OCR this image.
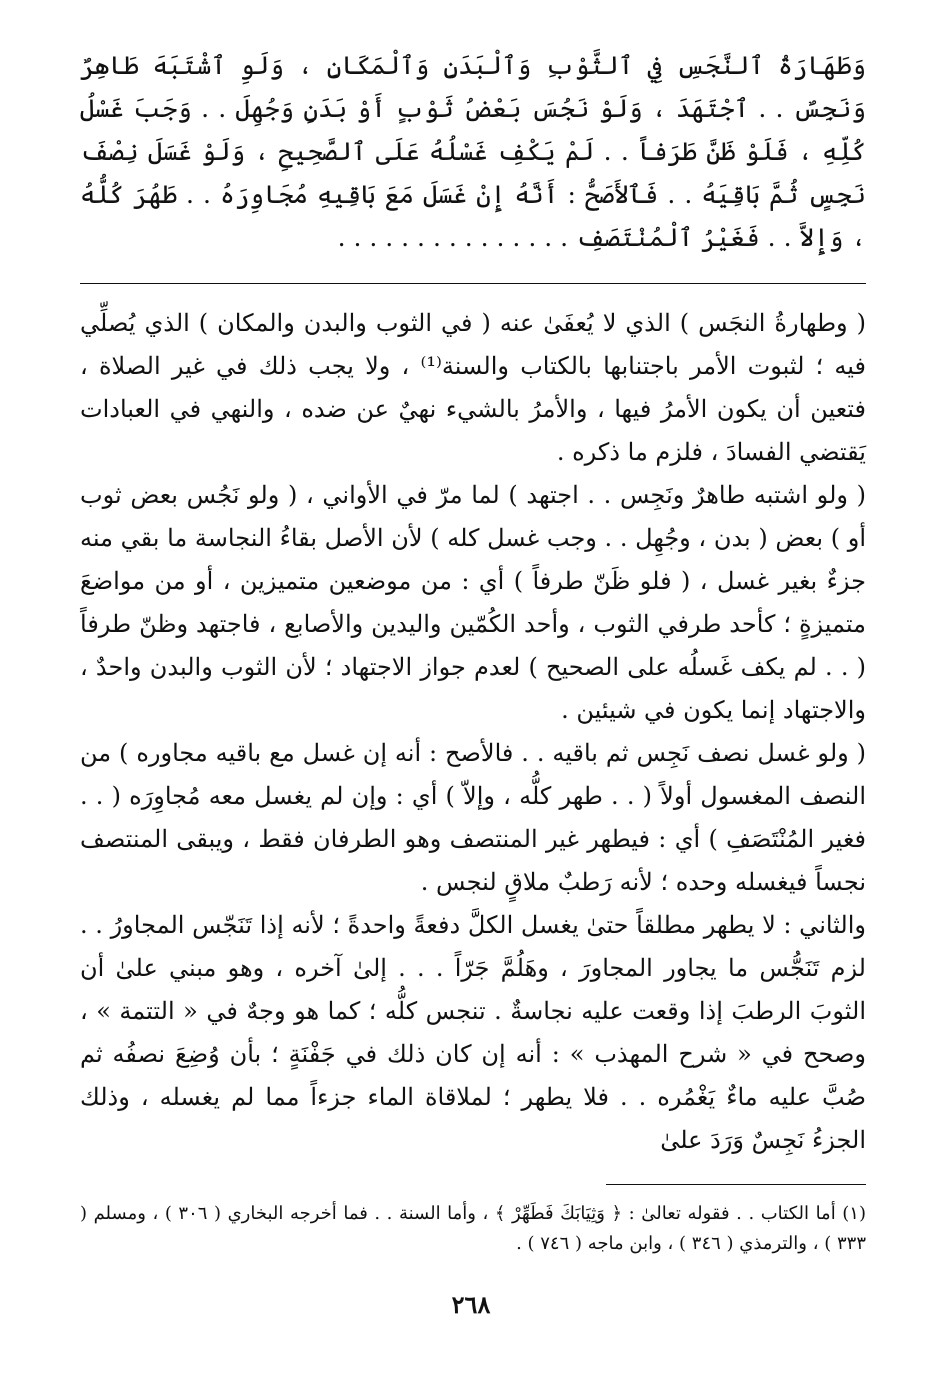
وَطَهَارَةُ ٱلنَّجَسِ فِي ٱلثَّوْبِ وَٱلْبَدَنِ وَٱلْمَكَانِ ، وَلَوِ ٱشْتَبَهَ طَاهِرٌ وَنَجِسٌ . . ٱجْتَهَدَ ، وَلَوْ نَجُسَ بَعْضُ ثَوْبٍ أَوْ بَدَنٍ وَجُهِلَ . . وَجَبَ غَسْلُ كُلِّهِ ، فَلَوْ ظَنَّ طَرَفاً . . لَمْ يَكْفِ غَسْلُهُ عَلَى ٱلصَّحِيحِ ، وَلَوْ غَسَلَ نِصْفَ نَجِسٍ ثُمَّ بَاقِيَهُ . . فَٱلأَصَحُّ : أَنَّهُ إِنْ غَسَلَ مَعَ بَاقِيهِ مُجَاوِرَهُ . . طَهُرَ كُلُّهُ ، وَإِلاَّ . . فَغَيْرُ ٱلْمُنْتَصَفِ . . . . . . . . . . . . . . .

( وطهارةُ النجَس ) الذي لا يُعفَىٰ عنه ( في الثوب والبدن والمكان ) الذي يُصلِّي فيه ؛ لثبوت الأمر باجتنابها بالكتاب والسنة⁽¹⁾ ، ولا يجب ذلك في غير الصلاة ، فتعين أن يكون الأمرُ فيها ، والأمرُ بالشيء نهيٌ عن ضده ، والنهي في العبادات يَقتضي الفسادَ ، فلزم ما ذكره .

( ولو اشتبه طاهرٌ ونَجِس . . اجتهد ) لما مرّ في الأواني ، ( ولو نَجُس بعض ثوب أو ) بعض ( بدن ، وجُهِل . . وجب غسل كله ) لأن الأصل بقاءُ النجاسة ما بقي منه جزءٌ بغير غسل ، ( فلو ظَنّ طرفاً ) أي : من موضعين متميزين ، أو من مواضعَ متميزةٍ ؛ كأحد طرفي الثوب ، وأحد الكُمّين واليدين والأصابع ، فاجتهد وظنّ طرفاً ( . . لم يكف غَسلُه على الصحيح ) لعدم جواز الاجتهاد ؛ لأن الثوب والبدن واحدٌ ، والاجتهاد إنما يكون في شيئين .

( ولو غسل نصف نَجِس ثم باقيه . . فالأصح : أنه إن غسل مع باقيه مجاوره ) من النصف المغسول أولاً ( . . طهر كلُّه ، وإلاّ ) أي : وإن لم يغسل معه مُجاوِرَه ( . . فغير المُنْتَصَفِ ) أي : فيطهر غير المنتصف وهو الطرفان فقط ، ويبقى المنتصف نجساً فيغسله وحده ؛ لأنه رَطبٌ ملاقٍ لنجس .

والثاني : لا يطهر مطلقاً حتىٰ يغسل الكلَّ دفعةً واحدةً ؛ لأنه إذا تَنَجّس المجاورُ . . لزم تَنَجُّس ما يجاور المجاورَ ، وهَلُمَّ جَرّاً . . . إلىٰ آخره ، وهو مبني علىٰ أن الثوبَ الرطبَ إذا وقعت عليه نجاسةٌ . تنجس كلُّه ؛ كما هو وجهٌ في « التتمة » ، وصحح في « شرح المهذب » : أنه إن كان ذلك في جَفْنَةٍ ؛ بأن وُضِعَ نصفُه ثم صُبَّ عليه ماءٌ يَغْمُره . . فلا يطهر ؛ لملاقاة الماء جزءاً مما لم يغسله ، وذلك الجزءُ نَجِسٌ وَرَدَ علىٰ

(١) أما الكتاب . . فقوله تعالىٰ : ﴿ وَثِيَابَكَ فَطَهِّرْ ﴾ ، وأما السنة . . فما أخرجه البخاري ( ٣٠٦ ) ، ومسلم ( ٣٣٣ ) ، والترمذي ( ٣٤٦ ) ، وابن ماجه ( ٧٤٦ ) .

٢٦٨
